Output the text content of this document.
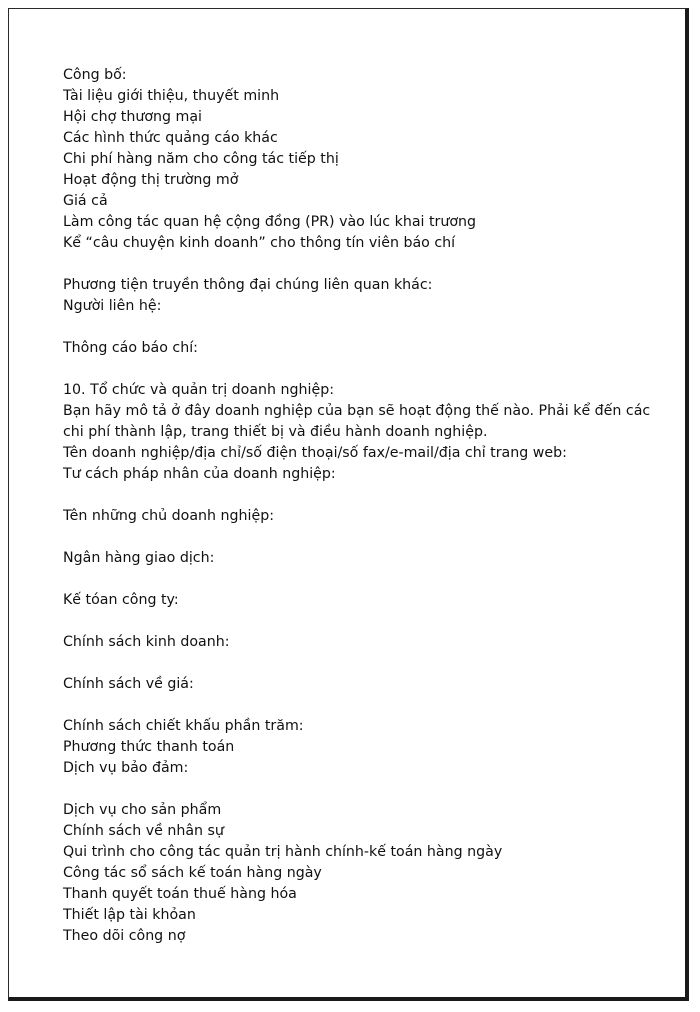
Công bố:

Tài liệu giới thiệu, thuyết minh

Hội chợ thương mại

Các hình thức quảng cáo khác

Chi phí hàng năm cho công tác tiếp thị

Hoạt động thị trường mở

Giá cả

Làm công tác quan hệ cộng đồng (PR) vào lúc khai trương

Kể “câu chuyện kinh doanh” cho thông tín viên báo chí

Phương tiện truyền thông đại chúng liên quan khác:

Người liên hệ:

Thông cáo báo chí:

10. Tổ chức và quản trị doanh nghiệp:

Bạn hãy mô tả ở đây doanh nghiệp của bạn sẽ hoạt động thế nào. Phải kể đến các

chi phí thành lập, trang thiết bị và điều hành doanh nghiệp.

Tên doanh nghiệp/địa chỉ/số điện thoại/số fax/e-mail/địa chỉ trang web:

Tư cách pháp nhân của doanh nghiệp:

Tên những chủ doanh nghiệp:

Ngân hàng giao dịch:

Kế tóan công ty:

Chính sách kinh doanh:

Chính sách về giá:

Chính sách chiết khấu phần trăm:

Phương thức thanh toán

Dịch vụ bảo đảm:

Dịch vụ cho sản phẩm

Chính sách về nhân sự

Qui trình cho công tác quản trị hành chính-kế toán hàng ngày

Công tác sổ sách kế toán hàng ngày

Thanh quyết toán thuế hàng hóa

Thiết lập tài khỏan

Theo dõi công nợ
